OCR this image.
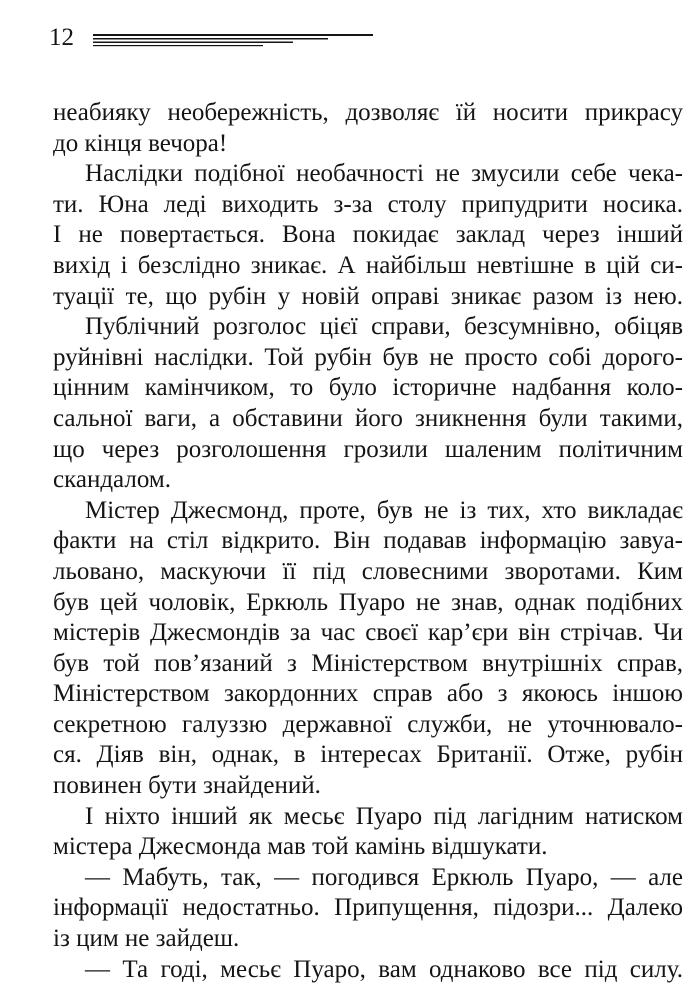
12
неабияку необережність, дозволяє їй носити прикрасу
до кінця вечора!
Наслідки подібної необачності не змусили себе чека-
ти. Юна леді виходить з-за столу припудрити носика.
І не повертається. Вона покидає заклад через інший
вихід і безслідно зникає. А найбільш невтішне в цій си-
туації те, що рубін у новій оправі зникає разом із нею.
Публічний розголос цієї справи, безсумнівно, обіцяв
руйнівні наслідки. Той рубін був не просто собі дорого-
цінним камінчиком, то було історичне надбання коло-
сальної ваги, а обставини його зникнення були такими,
що через розголошення грозили шаленим політичним
скандалом.
Містер Джесмонд, проте, був не із тих, хто викладає
факти на стіл відкрито. Він подавав інформацію завуа-
льовано, маскуючи її під словесними зворотами. Ким
був цей чоловік, Еркюль Пуаро не знав, однак подібних
містерів Джесмондів за час своєї кар’єри він стрічав. Чи
був той пов’язаний з Міністерством внутрішніх справ,
Міністерством закордонних справ або з якоюсь іншою
секретною галуззю державної служби, не уточнювало-
ся. Діяв він, однак, в інтересах Британії. Отже, рубін
повинен бути знайдений.
І ніхто інший як месьє Пуаро під лагідним натиском
містера Джесмонда мав той камінь відшукати.
— Мабуть, так, — погодився Еркюль Пуаро, — але
інформації недостатньо. Припущення, підозри... Далеко
із цим не зайдеш.
— Та годі, месьє Пуаро, вам однаково все під силу.
